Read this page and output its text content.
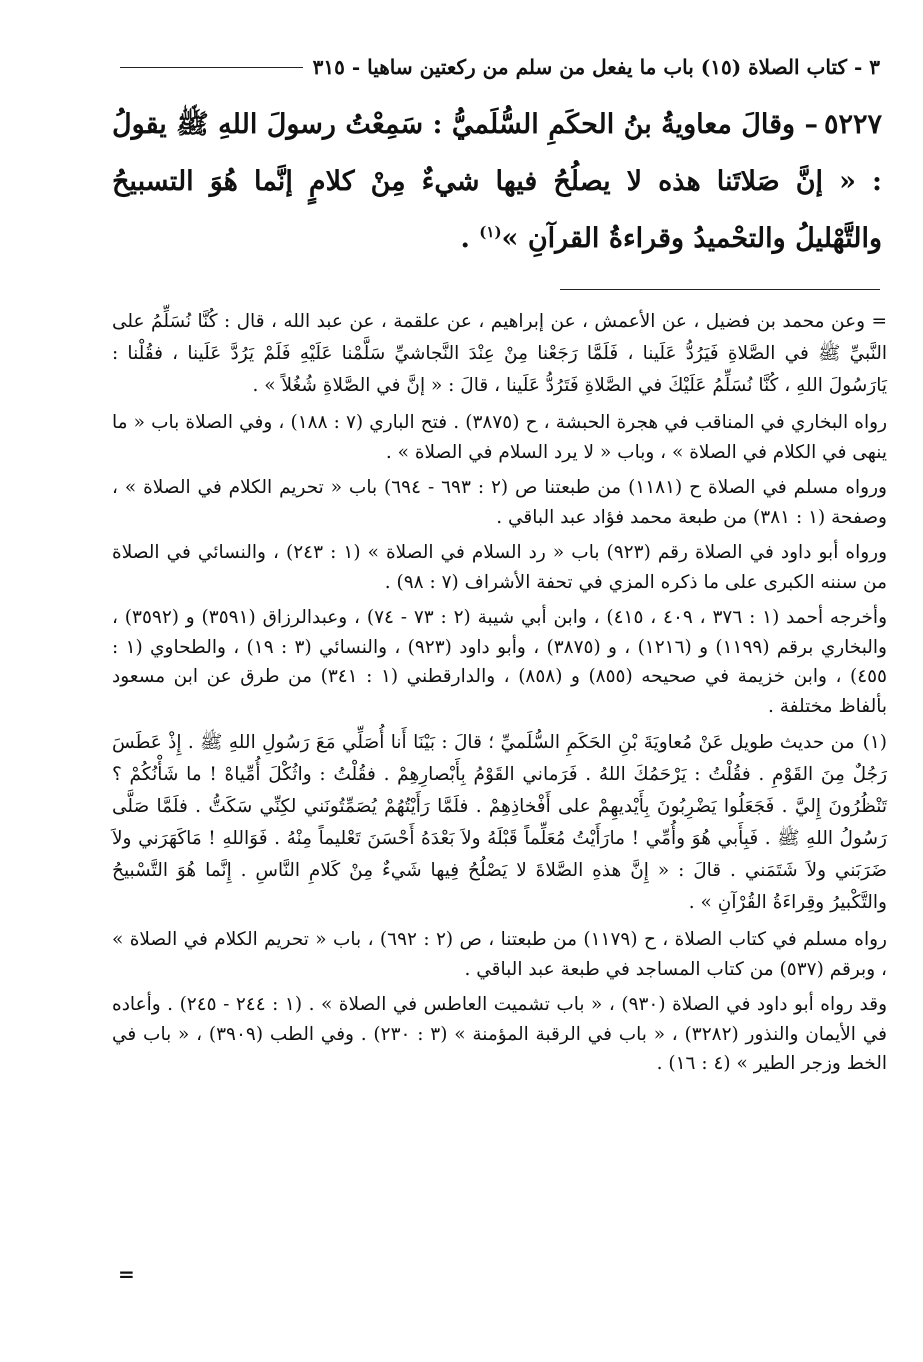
٣ - كتاب الصلاة (١٥) باب ما يفعل من سلم من ركعتين ساهيا - ٣١٥
٥٢٢٧– وقالَ معاويةُ بنُ الحكَمِ السُّلَميُّ : سَمِعْتُ رسولَ اللهِ ﷺ يقولُ : « إنَّ صَلاتَنا هذه لا يصلُحُ فيها شيءٌ مِنْ كلامٍ إنَّما هُوَ التسبيحُ والتَّهْليلُ والتحْميدُ وقراءةُ القرآنِ »$^{(١)}$ .

= وعن محمد بن فضيل ، عن الأعمش ، عن إبراهيم ، عن علقمة ، عن عبد الله ، قال : كُنَّا نُسَلِّمُ على النَّبيِّ ﷺ في الصَّلاةِ فَيَرُدُّ عَلَينا ، فَلَمَّا رَجَعْنا مِنْ عِنْدَ النَّجاشيِّ سَلَّمْنا عَلَيْهِ فَلَمْ يَرُدَّ عَلَينا ، فقُلْنا : يَارَسُولَ اللهِ ، كُنَّا نُسَلِّمُ عَلَيْكَ في الصَّلاةِ فَتَرُدُّ عَلَينا ، قالَ : « إنَّ في الصَّلاةِ شُغُلاً » .

رواه البخاري في المناقب في هجرة الحبشة ، ح (٣٨٧٥) . فتح الباري (٧ : ١٨٨) ، وفي الصلاة باب « ما ينهى في الكلام في الصلاة » ، وباب « لا يرد السلام في الصلاة » .

ورواه مسلم في الصلاة ح (١١٨١) من طبعتنا ص (٢ : ٦٩٣ - ٦٩٤) باب « تحريم الكلام في الصلاة » ، وصفحة (١ : ٣٨١) من طبعة محمد فؤاد عبد الباقي .

ورواه أبو داود في الصلاة رقم (٩٢٣) باب « رد السلام في الصلاة » (١ : ٢٤٣) ، والنسائي في الصلاة من سننه الكبرى على ما ذكره المزي في تحفة الأشراف (٧ : ٩٨) .

وأخرجه أحمد (١ : ٣٧٦ ، ٤٠٩ ، ٤١٥) ، وابن أبي شيبة (٢ : ٧٣ - ٧٤) ، وعبدالرزاق (٣٥٩١) و (٣٥٩٢) ، والبخاري برقم (١١٩٩) و (١٢١٦) ، و (٣٨٧٥) ، وأبو داود (٩٢٣) ، والنسائي (٣ : ١٩) ، والطحاوي (١ : ٤٥٥) ، وابن خزيمة في صحيحه (٨٥٥) و (٨٥٨) ، والدارقطني (١ : ٣٤١) من طرق عن ابن مسعود بألفاظ مختلفة .

(١)من حديث طويل عَنْ مُعاويَةَ بْنِ الحَكَمِ السُّلَميِّ ؛ قالَ : بَيْنَا أَنا أُصَلِّي مَعَ رَسُولِ اللهِ ﷺ . إِذْ عَطَسَ رَجُلٌ مِنَ القَوْمِ . فقُلْتُ : يَرْحَمُكَ اللهُ . فَرَماني القَوْمُ بِأَبْصارِهِمْ . فقُلْتُ : واثُكْلَ أُمِّياهْ ! ما شَأْنُكُمْ ؟ تَنْظُرُونَ إِليَّ . فَجَعَلُوا يَضْرِبُونَ بِأَيْديهِمْ على أَفْخاذِهِمْ . فلَمَّا رَأَيْتُهُمْ يُصَمِّتُونَني لكِنِّي سَكَتُّ . فلَمَّا صَلَّى رَسُولُ اللهِ ﷺ . فَبِأَبي هُوَ وأُمِّي ! مارَأَيْتُ مُعَلِّماً قَبْلَهُ ولاَ بَعْدَهُ أَحْسَنَ تَعْليماً مِنْهُ . فَوَاللهِ ! مَاكَهَرَني ولاَ ضَرَبَني ولاَ شَتَمَني . قالَ : « إِنَّ هذهِ الصَّلاةَ لا يَصْلُحُ فِيها شَيءٌ مِنْ كَلامِ النَّاسِ . إِنَّما هُوَ التَّسْبيحُ والتَّكْبيرُ وقِراءَةُ القُرْآنِ » .

رواه مسلم في كتاب الصلاة ، ح (١١٧٩) من طبعتنا ، ص (٢ : ٦٩٢) ، باب « تحريم الكلام في الصلاة » ، وبرقم (٥٣٧) من كتاب المساجد في طبعة عبد الباقي .

وقد رواه أبو داود في الصلاة (٩٣٠) ، « باب تشميت العاطس في الصلاة » . (١ : ٢٤٤ - ٢٤٥) . وأعاده في الأيمان والنذور (٣٢٨٢) ، « باب في الرقبة المؤمنة » (٣ : ٢٣٠) . وفي الطب (٣٩٠٩) ، « باب في الخط وزجر الطير » (٤ : ١٦) .

=
